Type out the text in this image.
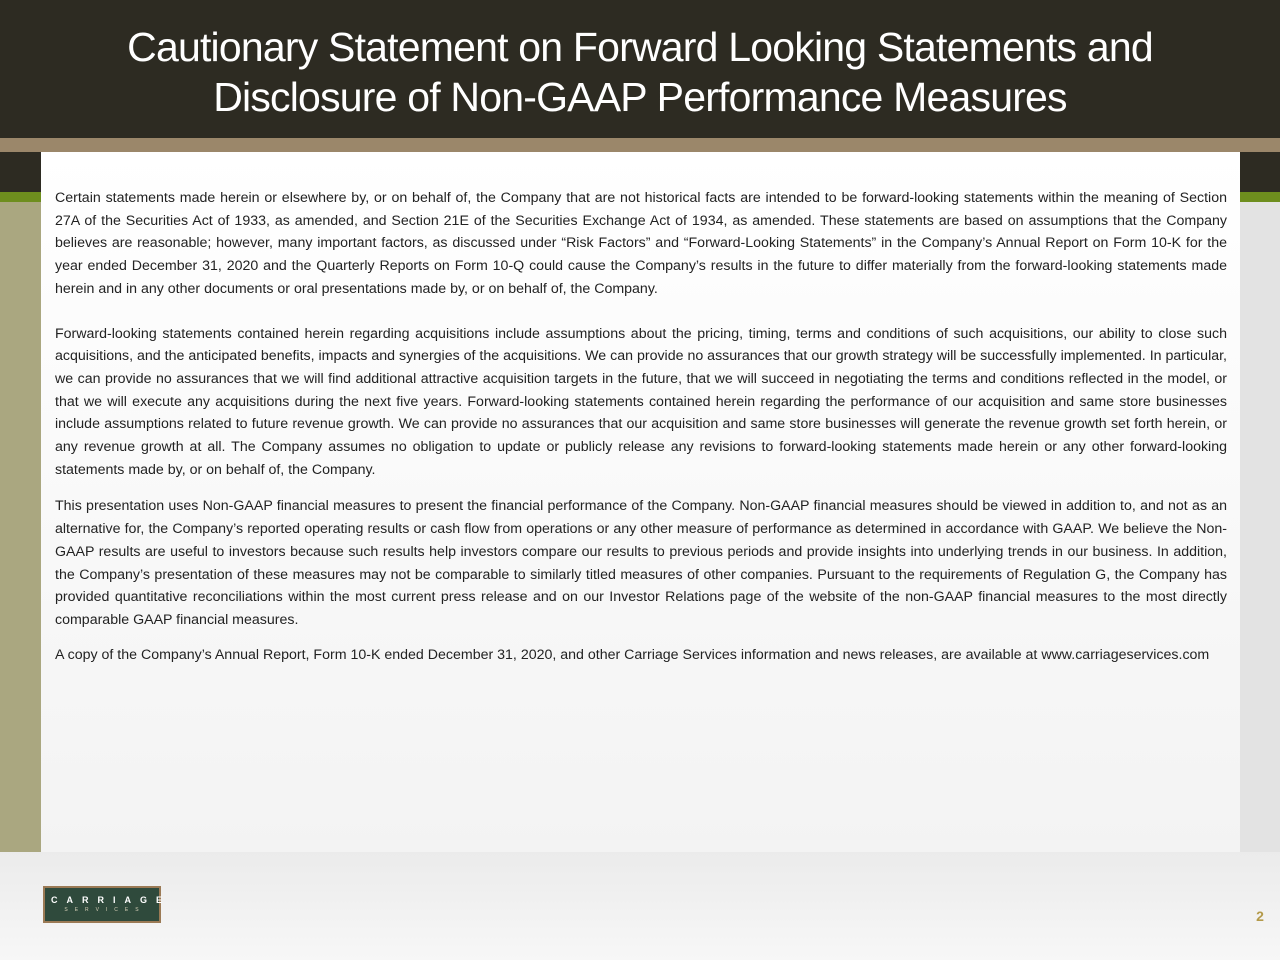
Cautionary Statement on Forward Looking Statements and
Disclosure of Non-GAAP Performance Measures

Certain statements made herein or elsewhere by, or on behalf of, the Company that are not historical facts are intended to be forward-looking statements within the meaning of Section 27A of the Securities Act of 1933, as amended, and Section 21E of the Securities Exchange Act of 1934, as amended. These statements are based on assumptions that the Company believes are reasonable; however, many important factors, as discussed under “Risk Factors” and “Forward-Looking Statements” in the Company’s Annual Report on Form 10-K for the year ended December 31, 2020 and the Quarterly Reports on Form 10-Q could cause the Company’s results in the future to differ materially from the forward-looking statements made herein and in any other documents or oral presentations made by, or on behalf of, the Company.

Forward-looking statements contained herein regarding acquisitions include assumptions about the pricing, timing, terms and conditions of such acquisitions, our ability to close such acquisitions, and the anticipated benefits, impacts and synergies of the acquisitions. We can provide no assurances that our growth strategy will be successfully implemented. In particular, we can provide no assurances that we will find additional attractive acquisition targets in the future, that we will succeed in negotiating the terms and conditions reflected in the model, or that we will execute any acquisitions during the next five years. Forward-looking statements contained herein regarding the performance of our acquisition and same store businesses include assumptions related to future revenue growth. We can provide no assurances that our acquisition and same store businesses will generate the revenue growth set forth herein, or any revenue growth at all. The Company assumes no obligation to update or publicly release any revisions to forward-looking statements made herein or any other forward-looking statements made by, or on behalf of, the Company.

This presentation uses Non-GAAP financial measures to present the financial performance of the Company. Non-GAAP financial measures should be viewed in addition to, and not as an alternative for, the Company’s reported operating results or cash flow from operations or any other measure of performance as determined in accordance with GAAP. We believe the Non-GAAP results are useful to investors because such results help investors compare our results to previous periods and provide insights into underlying trends in our business. In addition, the Company’s presentation of these measures may not be comparable to similarly titled measures of other companies. Pursuant to the requirements of Regulation G, the Company has provided quantitative reconciliations within the most current press release and on our Investor Relations page of the website of the non-GAAP financial measures to the most directly comparable GAAP financial measures.

A copy of the Company’s Annual Report, Form 10-K ended December 31, 2020, and other Carriage Services information and news releases, are available at www.carriageservices.com

CARRIAGE
SERVICES	2
